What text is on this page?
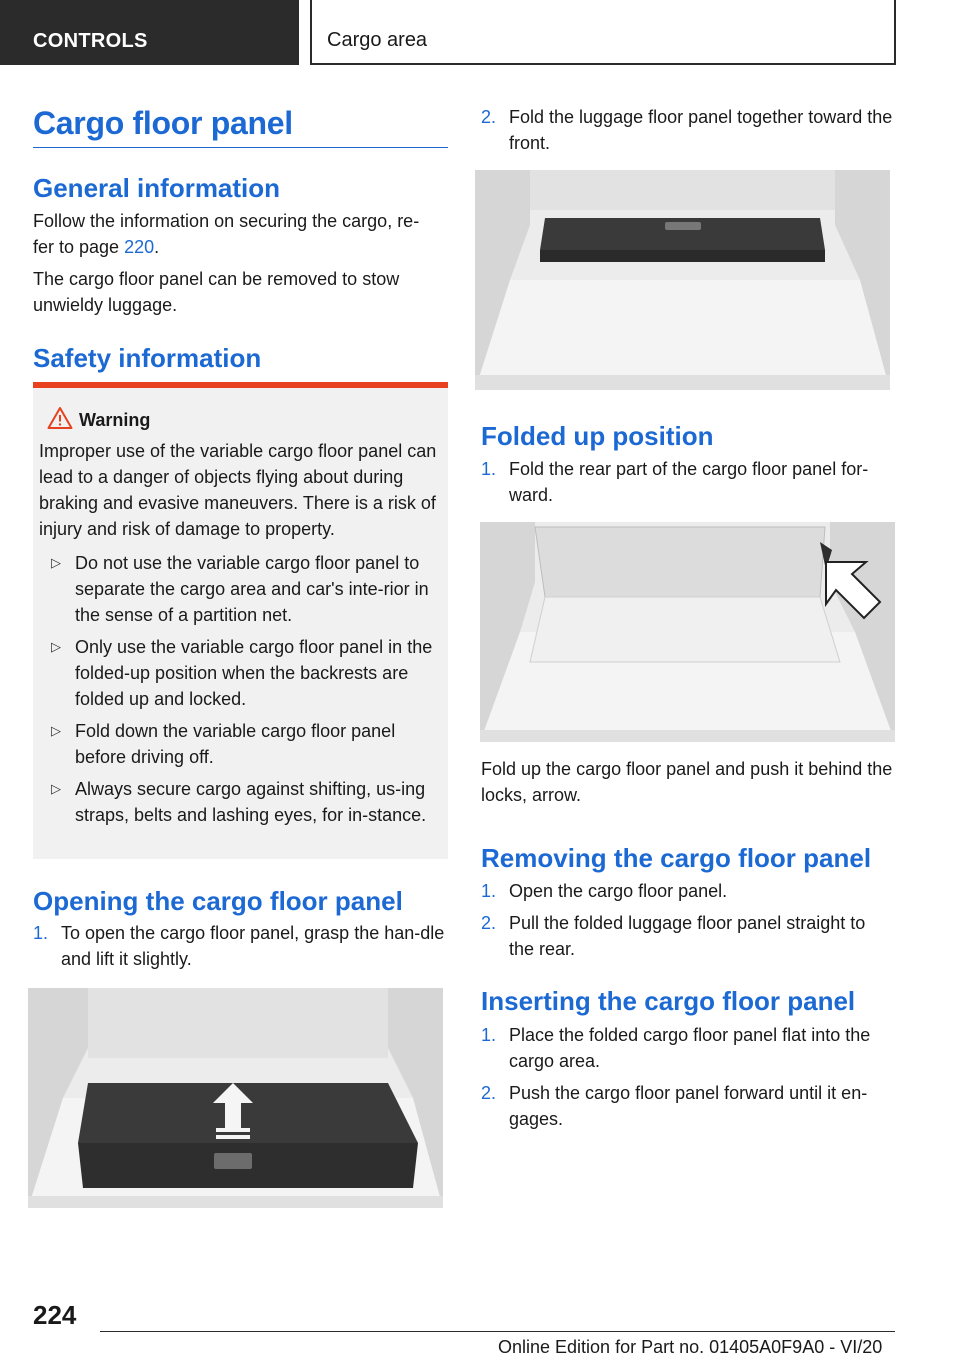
CONTROLS	Cargo area
Cargo floor panel
General information

Follow the information on securing the cargo, re‐
fer to page 220.

The cargo floor panel can be removed to stow unwieldy luggage.

Safety information
Warning
Improper use of the variable cargo floor panel can lead to a danger of objects flying about during braking and evasive maneuvers. There is a risk of injury and risk of damage to property.
▷ Do not use the variable cargo floor panel to separate the cargo area and car's inte‐rior in the sense of a partition net.
▷ Only use the variable cargo floor panel in the folded-up position when the backrests are folded up and locked.
▷ Fold down the variable cargo floor panel before driving off.
▷ Always secure cargo against shifting, us‐ing straps, belts and lashing eyes, for in‐stance.
Opening the cargo floor panel
1. To open the cargo floor panel, grasp the han‐dle and lift it slightly.
2. Fold the luggage floor panel together toward the front.
Folded up position
1. Fold the rear part of the cargo floor panel for‐ward.

Fold up the cargo floor panel and push it behind the locks, arrow.

Removing the cargo floor panel
1. Open the cargo floor panel.
2. Pull the folded luggage floor panel straight to the rear.
Inserting the cargo floor panel
1. Place the folded cargo floor panel flat into the cargo area.
2. Push the cargo floor panel forward until it en‐gages.
224
Online Edition for Part no. 01405A0F9A0 - VI/20
